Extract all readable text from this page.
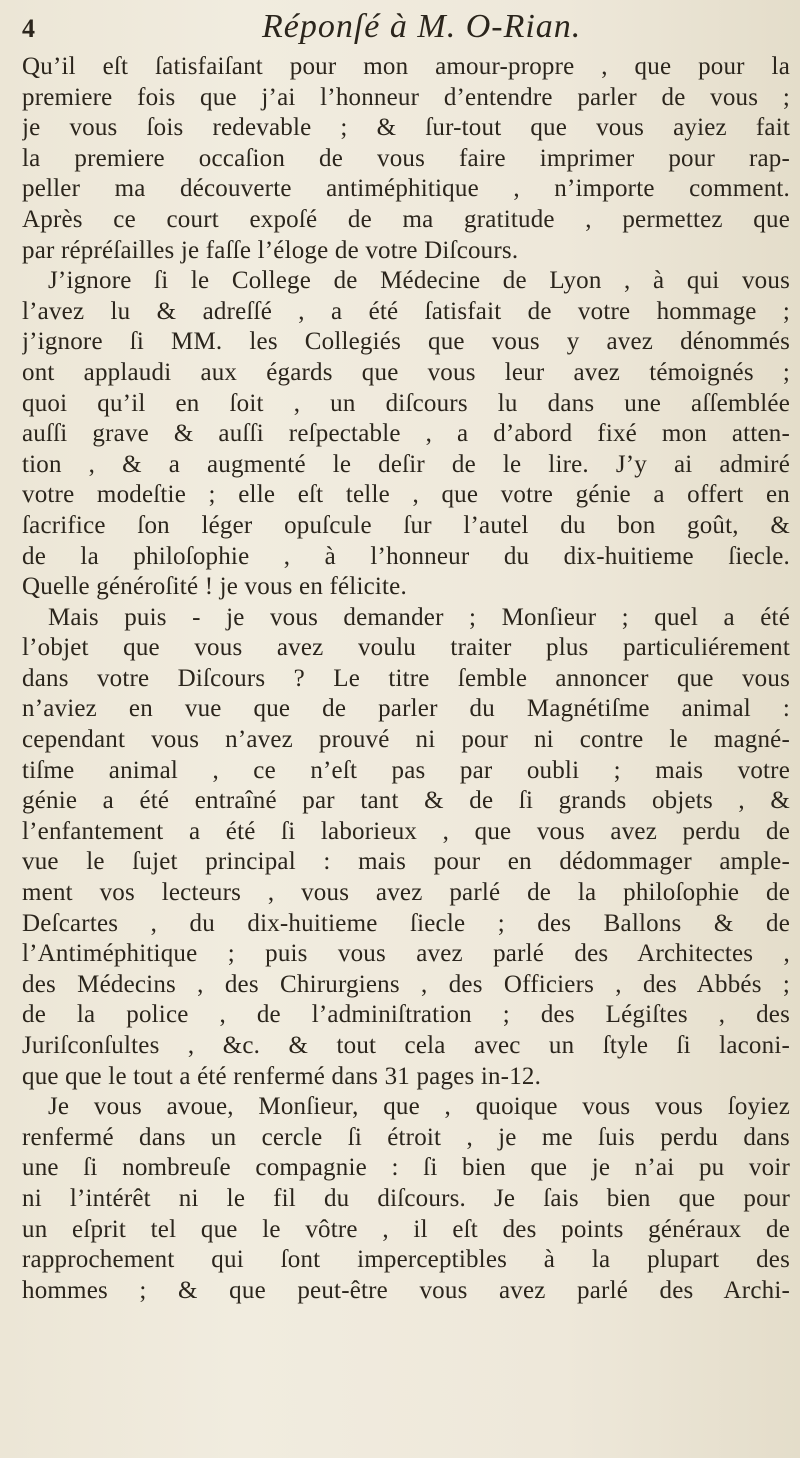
4	Réponſé à M. O-Rian.
Qu’il eſt ſatisfaiſant pour mon amour-propre , que pour la
premiere fois que j’ai l’honneur d’entendre parler de vous ;
je vous ſois redevable ; & ſur-tout que vous ayiez fait
la premiere occaſion de vous faire imprimer pour rap-
peller ma découverte antiméphitique , n’importe comment.
Après ce court expoſé de ma gratitude , permettez que
par répréſailles je faſſe l’éloge de votre Diſcours.
J’ignore ſi le College de Médecine de Lyon , à qui vous
l’avez lu & adreſſé , a été ſatisfait de votre hommage ;
j’ignore ſi MM. les Collegiés que vous y avez dénommés
ont applaudi aux égards que vous leur avez témoignés ;
quoi qu’il en ſoit , un diſcours lu dans une aſſemblée
auſſi grave & auſſi reſpectable , a d’abord fixé mon atten-
tion , & a augmenté le deſir de le lire. J’y ai admiré
votre modeſtie ; elle eſt telle , que votre génie a offert en
ſacrifice ſon léger opuſcule ſur l’autel du bon goût, &
de la philoſophie , à l’honneur du dix-huitieme ſiecle.
Quelle généroſité ! je vous en félicite.
Mais puis - je vous demander ; Monſieur ; quel a été
l’objet que vous avez voulu traiter plus particuliérement
dans votre Diſcours ? Le titre ſemble annoncer que vous
n’aviez en vue que de parler du Magnétiſme animal :
cependant vous n’avez prouvé ni pour ni contre le magné-
tiſme animal , ce n’eſt pas par oubli ; mais votre
génie a été entraîné par tant & de ſi grands objets , &
l’enfantement a été ſi laborieux , que vous avez perdu de
vue le ſujet principal : mais pour en dédommager ample-
ment vos lecteurs , vous avez parlé de la philoſophie de
Deſcartes , du dix-huitieme ſiecle ; des Ballons & de
l’Antiméphitique ; puis vous avez parlé des Architectes ,
des Médecins , des Chirurgiens , des Officiers , des Abbés ;
de la police , de l’adminiſtration ; des Légiſtes , des
Juriſconſultes , &c. & tout cela avec un ſtyle ſi laconi-
que que le tout a été renfermé dans 31 pages in-12.
Je vous avoue, Monſieur, que , quoique vous vous ſoyiez
renfermé dans un cercle ſi étroit , je me ſuis perdu dans
une ſi nombreuſe compagnie : ſi bien que je n’ai pu voir
ni l’intérêt ni le fil du diſcours. Je ſais bien que pour
un eſprit tel que le vôtre , il eſt des points généraux de
rapprochement qui ſont imperceptibles à la plupart des
hommes ; & que peut-être vous avez parlé des Archi-
